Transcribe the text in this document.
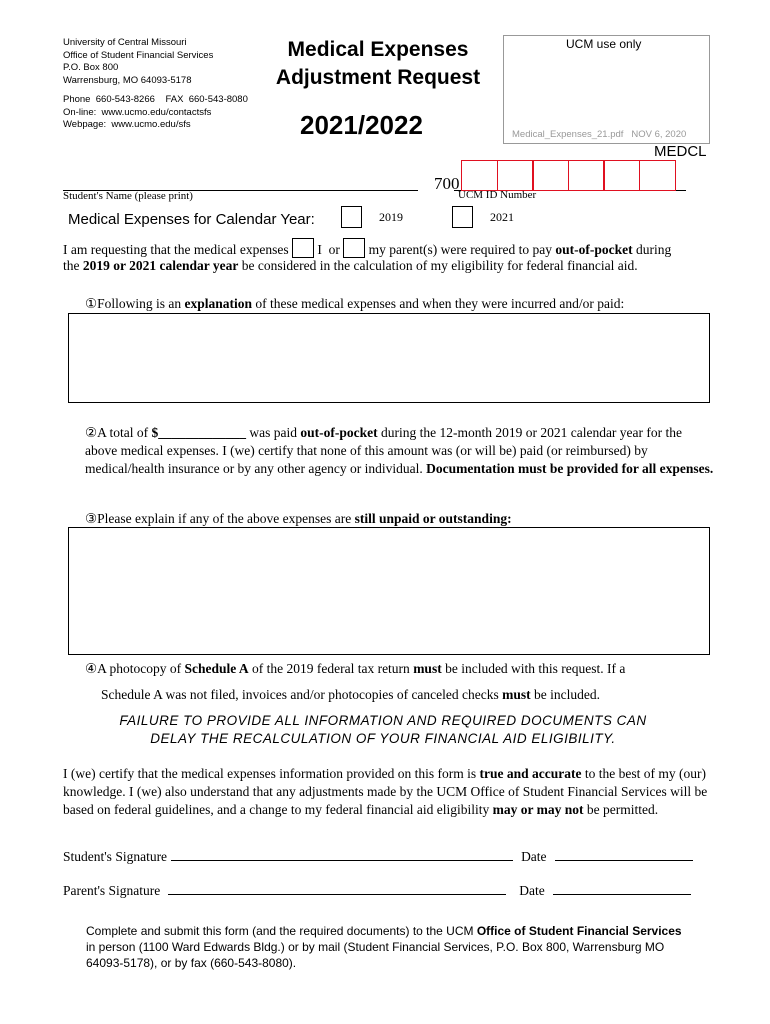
University of Central Missouri
Office of Student Financial Services
P.O. Box 800
Warrensburg, MO 64093-5178
Phone  660-543-8266    FAX  660-543-8080
On-line:  www.ucmo.edu/contactsfs
Webpage:  www.ucmo.edu/sfs
Medical Expenses
Adjustment Request
2021/2022
UCM use only
Medical_Expenses_21.pdf   NOV 6, 2020
MEDCL
Student's Name (please print)
700
UCM ID Number
Medical Expenses for Calendar Year:	2019	2021
I am requesting that the medical expenses  I  or  my parent(s) were required to pay out-of-pocket during
the 2019 or 2021 calendar year be considered in the calculation of my eligibility for federal financial aid.
①Following is an explanation of these medical expenses and when they were incurred and/or paid:
②A total of $_____________ was paid out-of-pocket during the 12-month 2019 or 2021 calendar year for the above medical expenses. I (we) certify that none of this amount was (or will be) paid (or reimbursed) by medical/health insurance or by any other agency or individual. Documentation must be provided for all expenses.
③Please explain if any of the above expenses are still unpaid or outstanding:
④A photocopy of Schedule A of the 2019 federal tax return must be included with this request. If a
Schedule A was not filed, invoices and/or photocopies of canceled checks must be included.
FAILURE TO PROVIDE ALL INFORMATION AND REQUIRED DOCUMENTS CAN
DELAY THE RECALCULATION OF YOUR FINANCIAL AID ELIGIBILITY.
I (we) certify that the medical expenses information provided on this form is true and accurate to the best of my (our) knowledge. I (we) also understand that any adjustments made by the UCM Office of Student Financial Services will be based on federal guidelines, and a change to my federal financial aid eligibility may or may not be permitted.
Student's Signature	Date
Parent's Signature	Date
Complete and submit this form (and the required documents) to the UCM Office of Student Financial Services in person (1100 Ward Edwards Bldg.) or by mail (Student Financial Services, P.O. Box 800, Warrensburg MO 64093-5178), or by fax (660-543-8080).
